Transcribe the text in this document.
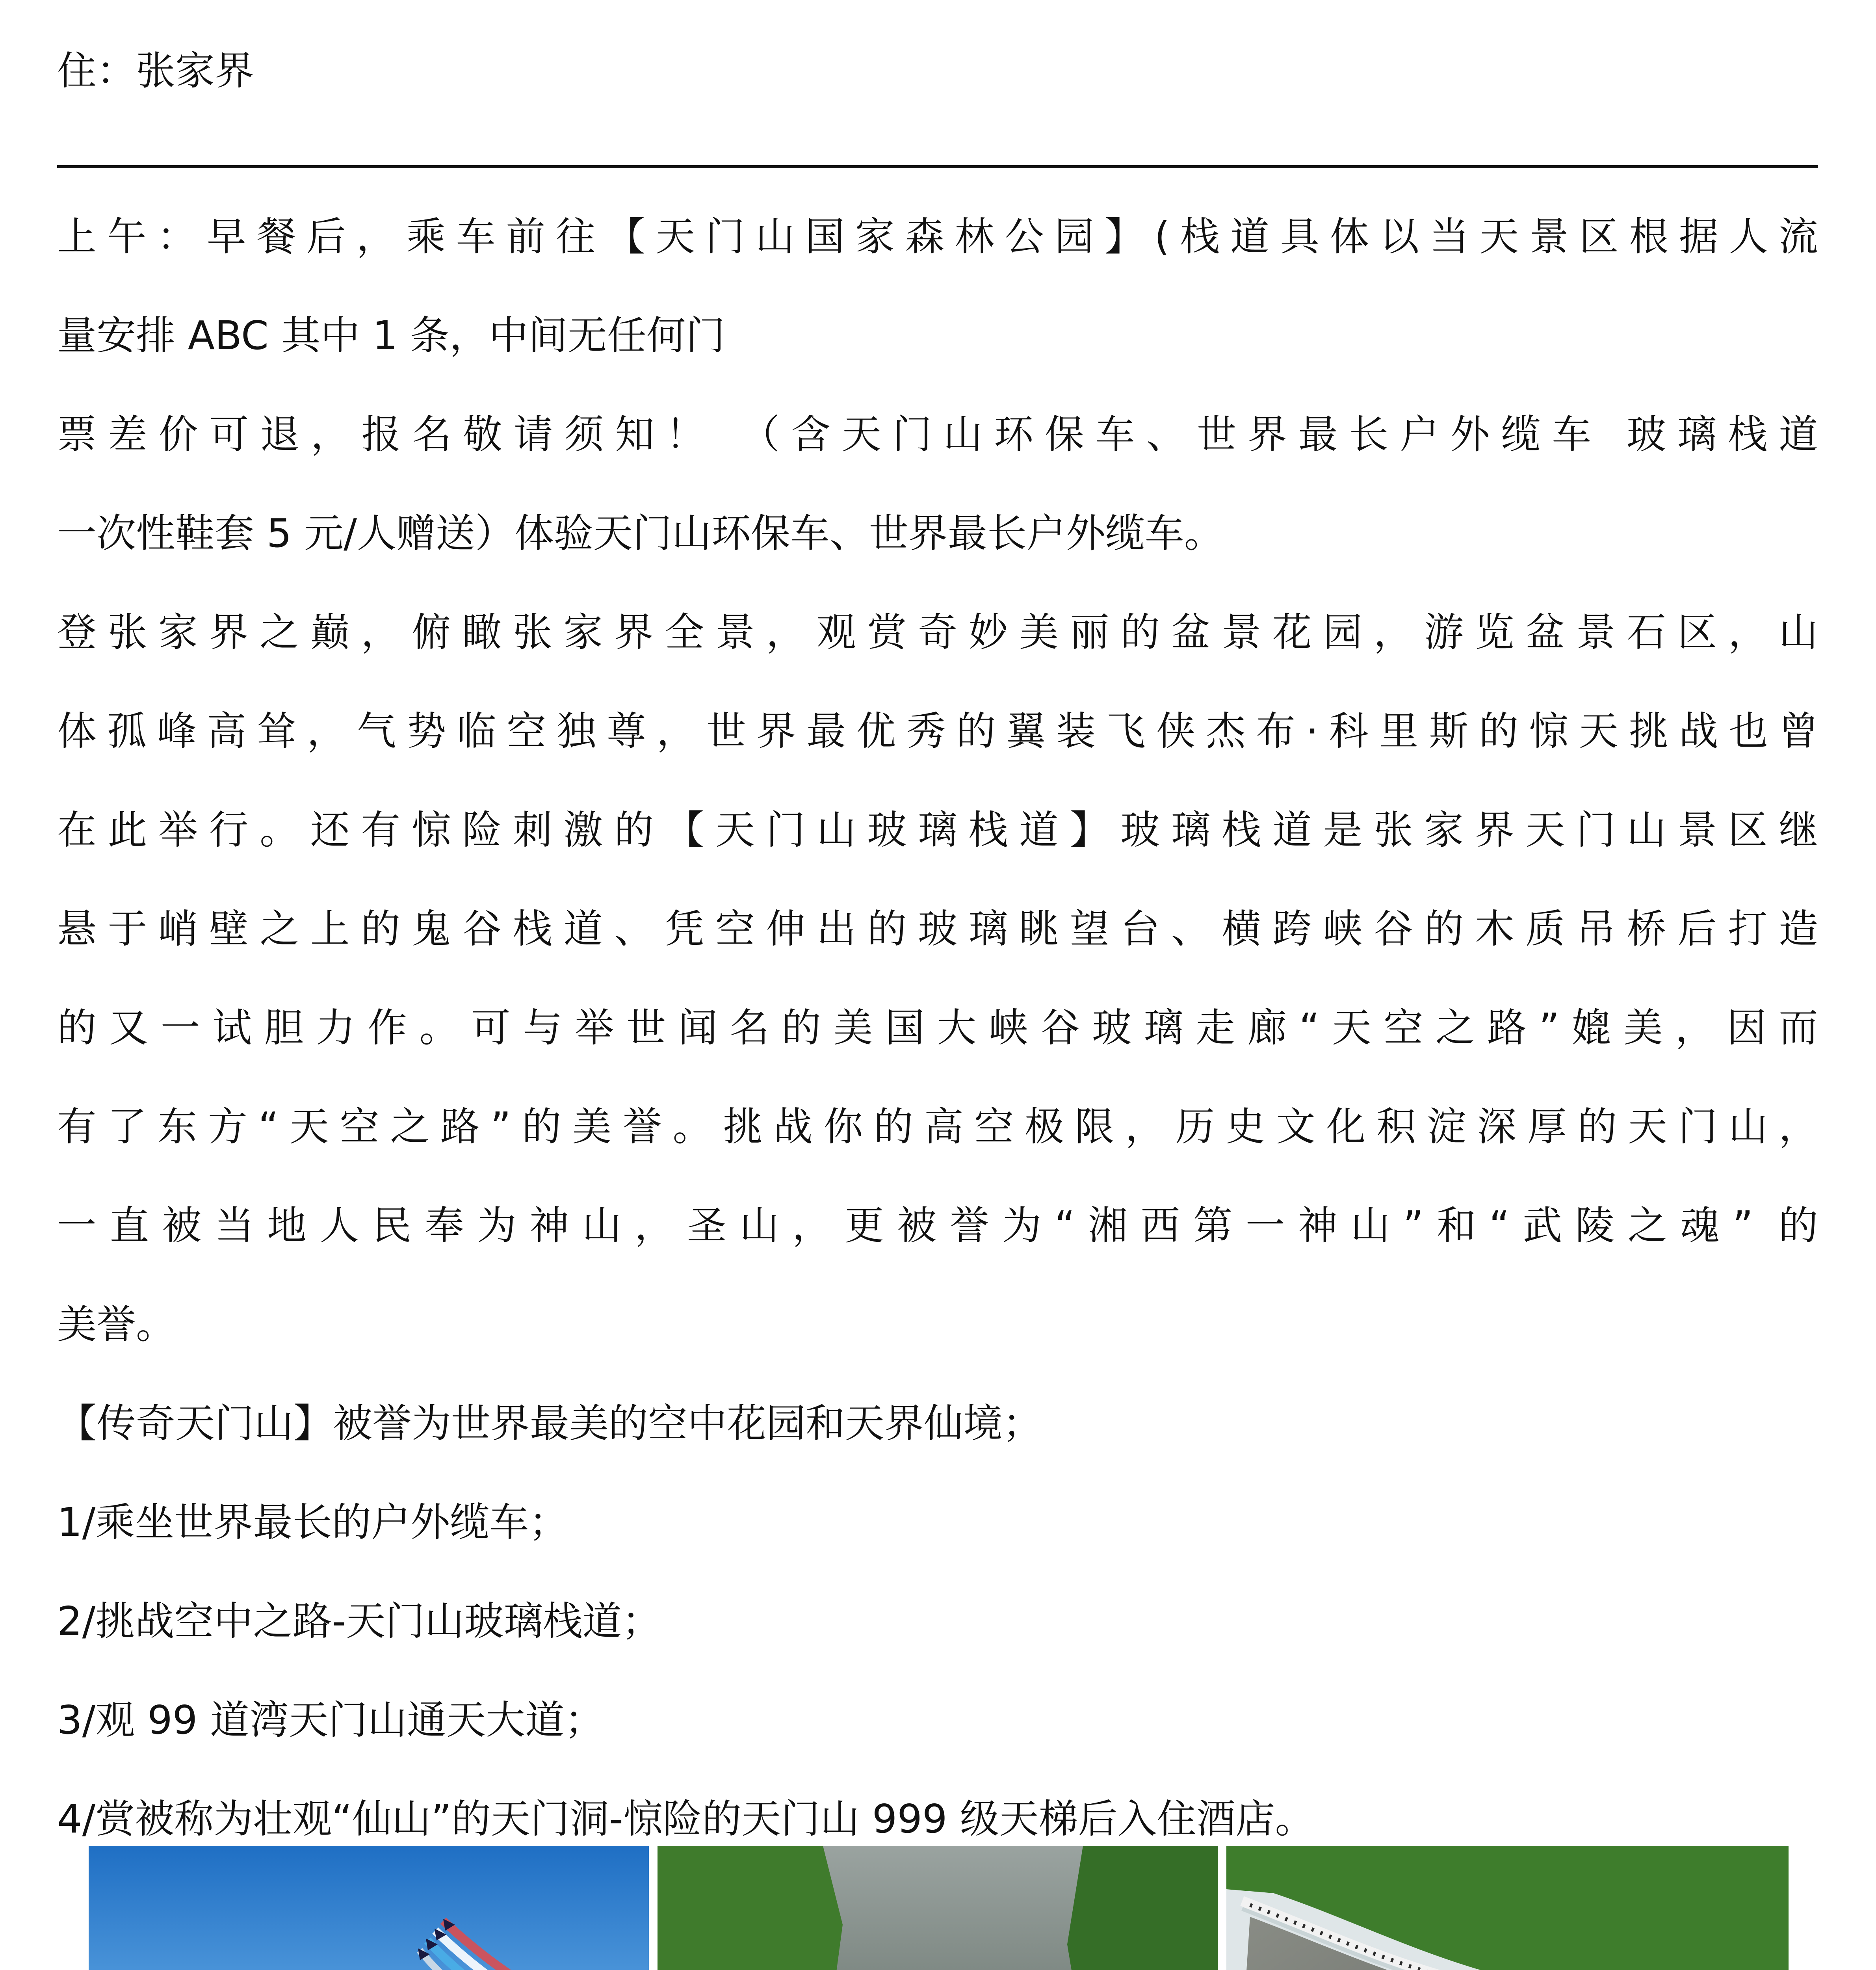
住：张家界
上午：早餐后，乘车前往【天门山国家森林公园】(栈道具体以当天景区根据人流
量安排 ABC 其中 1 条，中间无任何门
票差价可退，报名敬请须知！ （含天门山环保车、世界最长户外缆车 玻璃栈道
一次性鞋套 5 元/人赠送）体验天门山环保车、世界最长户外缆车。
登张家界之巅，俯瞰张家界全景，观赏奇妙美丽的盆景花园，游览盆景石区，山
体孤峰高耸，气势临空独尊，世界最优秀的翼装飞侠杰布·科里斯的惊天挑战也曾
在此举行。还有惊险刺激的【天门山玻璃栈道】玻璃栈道是张家界天门山景区继
悬于峭壁之上的鬼谷栈道、凭空伸出的玻璃眺望台、横跨峡谷的木质吊桥后打造
的又一试胆力作。可与举世闻名的美国大峡谷玻璃走廊“天空之路”媲美，因而
有了东方“天空之路”的美誉。挑战你的高空极限，历史文化积淀深厚的天门山，
一直被当地人民奉为神山，圣山，更被誉为“湘西第一神山”和“武陵之魂” 的
美誉。
【传奇天门山】被誉为世界最美的空中花园和天界仙境；
1/乘坐世界最长的户外缆车；
2/挑战空中之路-天门山玻璃栈道；
3/观 99 道湾天门山通天大道；
4/赏被称为壮观“仙山”的天门洞-惊险的天门山 999 级天梯后入住酒店。
